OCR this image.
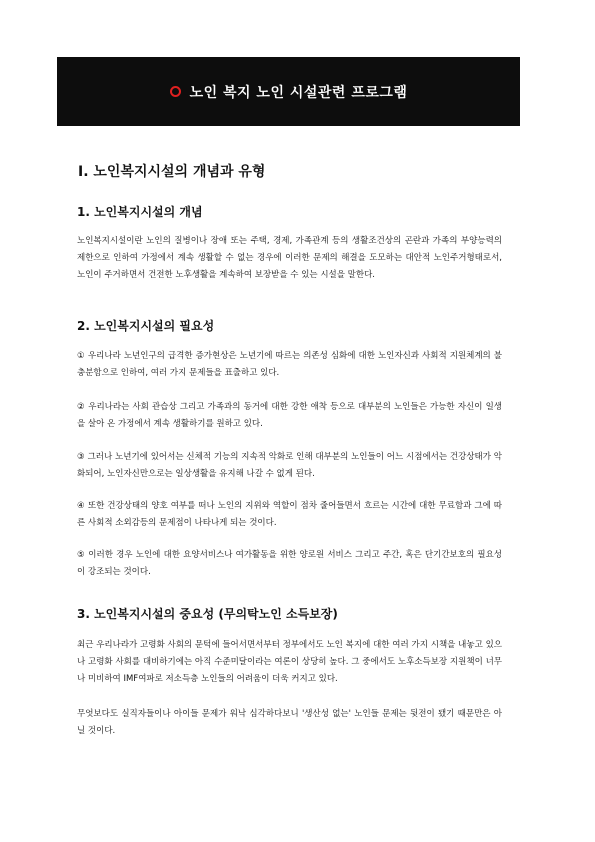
노인 복지 노인 시설관련 프로그램
Ⅰ. 노인복지시설의 개념과 유형
1. 노인복지시설의 개념
노인복지시설이란 노인의 질병이나 장애 또는 주택, 경제, 가족관계 등의 생활조건상의 곤란과 가족의 부양능력의 제한으로 인하여 가정에서 계속 생활할 수 없는 경우에 이러한 문제의 해결을 도모하는 대안적 노인주거형태로서, 노인이 주거하면서 건전한 노후생활을 계속하여 보장받을 수 있는 시설을 말한다.
2. 노인복지시설의 필요성
① 우리나라 노년인구의 급격한 증가현상은 노년기에 따르는 의존성 심화에 대한 노인자신과 사회적 지원체계의 불충분함으로 인하여, 여러 가지 문제들을 표출하고 있다.
② 우리나라는 사회 관습상 그리고 가족과의 동거에 대한 강한 애착 등으로 대부분의 노인들은 가능한 자신이 일생을 살아 온 가정에서 계속 생활하기를 원하고 있다.
③ 그러나 노년기에 있어서는 신체적 기능의 지속적 악화로 인해 대부분의 노인들이 어느 시점에서는 건강상태가 악화되어, 노인자신만으로는 일상생활을 유지해 나갈 수 없게 된다.
④ 또한 건강상태의 양호 여부를 떠나 노인의 지위와 역할이 점차 줄어들면서 흐르는 시간에 대한 무료함과 그에 따른 사회적 소외감등의 문제점이 나타나게 되는 것이다.
⑤ 이러한 경우 노인에 대한 요양서비스나 여가활동을 위한 양로원 서비스 그리고 주간, 혹은 단기간보호의 필요성이 강조되는 것이다.
3. 노인복지시설의 중요성 (무의탁노인 소득보장)
최근 우리나라가 고령화 사회의 문턱에 들어서면서부터 정부에서도 노인 복지에 대한 여러 가지 시책을 내놓고 있으나 고령화 사회를 대비하기에는 아직 수준미달이라는 여론이 상당히 높다. 그 중에서도 노후소득보장 지원책이 너무나 미비하여 IMF여파로 저소득층 노인들의 어려움이 더욱 커지고 있다.
무엇보다도 실직자들이나 아이들 문제가 워낙 심각하다보니 '생산성 없는' 노인들 문제는 뒷전이 됐기 때문만은 아닐 것이다.
